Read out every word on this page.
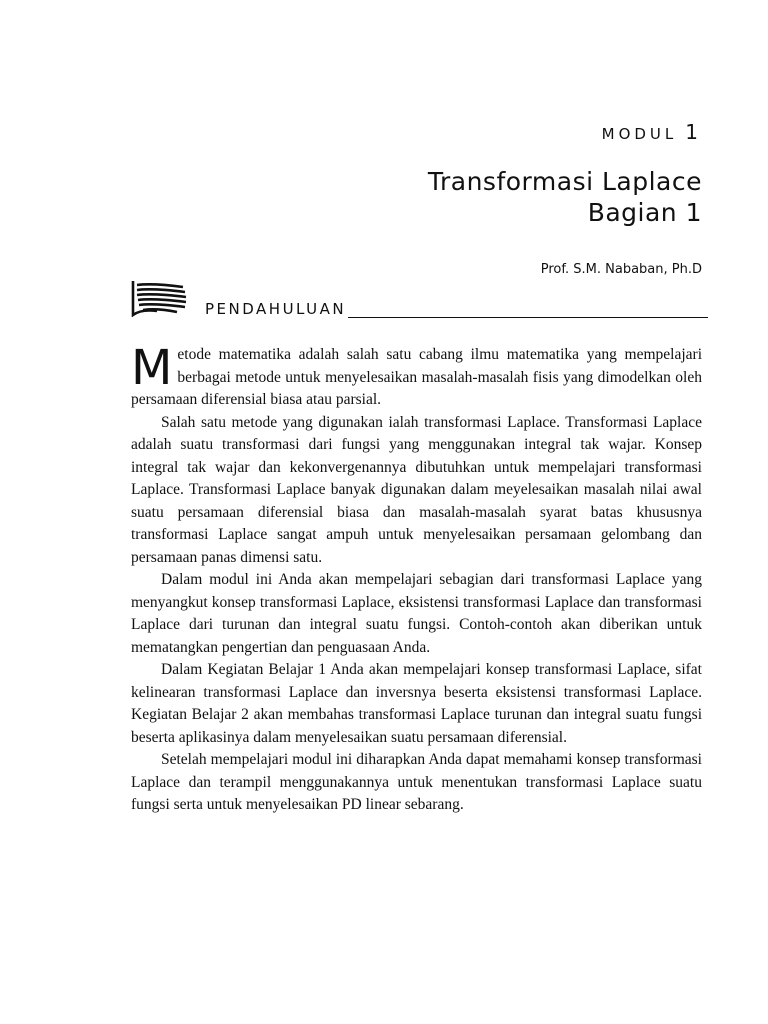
MODUL 1
Transformasi Laplace
Bagian 1
Prof. S.M. Nababan, Ph.D
PENDAHULUAN

Metode matematika adalah salah satu cabang ilmu matematika yang mempelajari berbagai metode untuk menyelesaikan masalah-masalah fisis yang dimodelkan oleh persamaan diferensial biasa atau parsial.

Salah satu metode yang digunakan ialah transformasi Laplace. Transformasi Laplace adalah suatu transformasi dari fungsi yang menggunakan integral tak wajar. Konsep integral tak wajar dan kekonvergenannya dibutuhkan untuk mempelajari transformasi Laplace. Transformasi Laplace banyak digunakan dalam meyelesaikan masalah nilai awal suatu persamaan diferensial biasa dan masalah-masalah syarat batas khususnya transformasi Laplace sangat ampuh untuk menyelesaikan persamaan gelombang dan persamaan panas dimensi satu.

Dalam modul ini Anda akan mempelajari sebagian dari transformasi Laplace yang menyangkut konsep transformasi Laplace, eksistensi transformasi Laplace dan transformasi Laplace dari turunan dan integral suatu fungsi. Contoh-contoh akan diberikan untuk mematangkan pengertian dan penguasaan Anda.

Dalam Kegiatan Belajar 1 Anda akan mempelajari konsep transformasi Laplace, sifat kelinearan transformasi Laplace dan inversnya beserta eksistensi transformasi Laplace. Kegiatan Belajar 2 akan membahas transformasi Laplace turunan dan integral suatu fungsi beserta aplikasinya dalam menyelesaikan suatu persamaan diferensial.

Setelah mempelajari modul ini diharapkan Anda dapat memahami konsep transformasi Laplace dan terampil menggunakannya untuk menentukan transformasi Laplace suatu fungsi serta untuk menyelesaikan PD linear sebarang.
